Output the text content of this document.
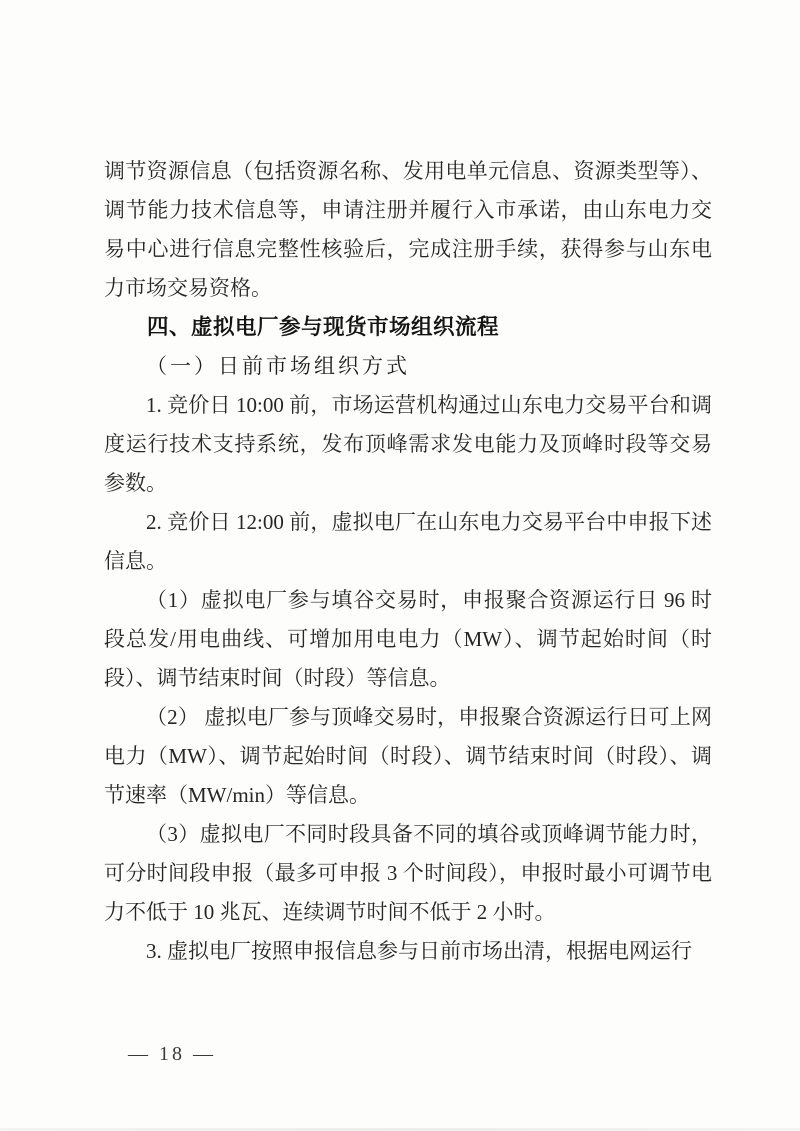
调节资源信息（包括资源名称、发用电单元信息、资源类型等）、调节能力技术信息等，申请注册并履行入市承诺，由山东电力交易中心进行信息完整性核验后，完成注册手续，获得参与山东电力市场交易资格。
四、虚拟电厂参与现货市场组织流程
（一）日前市场组织方式
1. 竞价日 10:00 前，市场运营机构通过山东电力交易平台和调度运行技术支持系统，发布顶峰需求发电能力及顶峰时段等交易参数。
2. 竞价日 12:00 前，虚拟电厂在山东电力交易平台中申报下述信息。
（1）虚拟电厂参与填谷交易时，申报聚合资源运行日 96 时段总发/用电曲线、可增加用电电力（MW）、调节起始时间（时段）、调节结束时间（时段）等信息。
（2） 虚拟电厂参与顶峰交易时，申报聚合资源运行日可上网电力（MW）、调节起始时间（时段）、调节结束时间（时段）、调节速率（MW/min）等信息。
（3）虚拟电厂不同时段具备不同的填谷或顶峰调节能力时，可分时间段申报（最多可申报 3 个时间段），申报时最小可调节电力不低于 10 兆瓦、连续调节时间不低于 2 小时。
3. 虚拟电厂按照申报信息参与日前市场出清，根据电网运行
— 18 —
